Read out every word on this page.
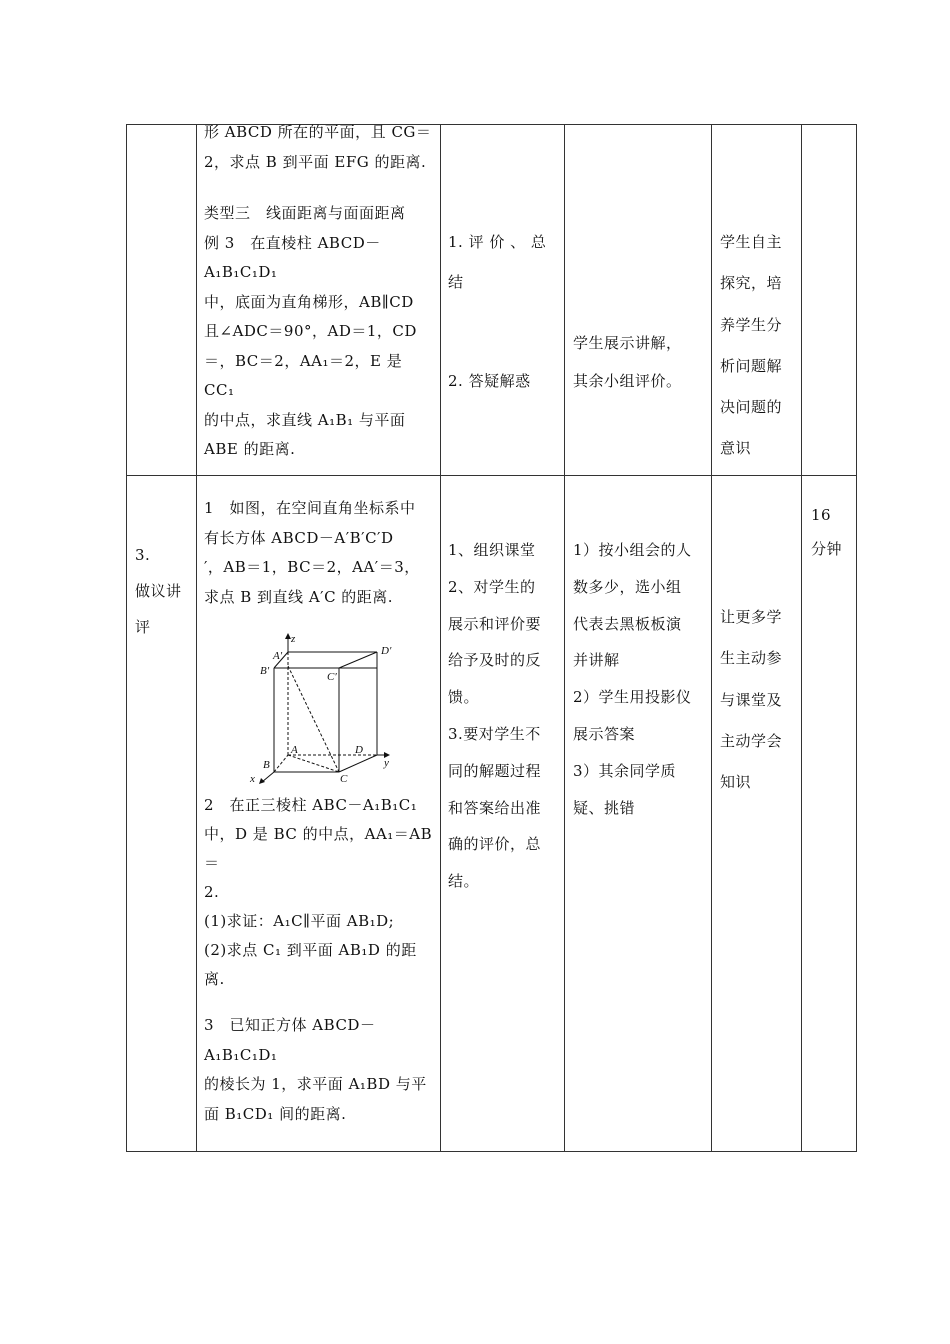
形 ABCD 所在的平面，且 CG＝

2，求点 B 到平面 EFG 的距离.

类型三　线面距离与面面距离

例 3　在直棱柱 ABCD－A₁B₁C₁D₁

中，底面为直角梯形，AB∥CD

且∠ADC＝90°，AD＝1，CD

＝，BC＝2，AA₁＝2，E 是 CC₁

的中点，求直线 A₁B₁ 与平面

ABE 的距离.

1. 评 价 、 总

结

2. 答疑解惑

学生展示讲解，

其余小组评价。

学生自主

探究，培

养学生分

析问题解

决问题的

意识

3.

做议讲

评

1　如图，在空间直角坐标系中

有长方体 ABCD－A′B′C′D

′，AB＝1，BC＝2，AA′＝3，

求点 B 到直线 A′C 的距离.

z
y
x
A′
B′	C′
D′
A
B
C
D

2　在正三棱柱 ABC－A₁B₁C₁

中，D 是 BC 的中点，AA₁＝AB＝

2.

(1)求证：A₁C∥平面 AB₁D;

(2)求点 C₁ 到平面 AB₁D 的距

离.

3　已知正方体 ABCD－A₁B₁C₁D₁

的棱长为 1，求平面 A₁BD 与平

面 B₁CD₁ 间的距离.

1、组织课堂

2、对学生的

展示和评价要

给予及时的反

馈。

3.要对学生不

同的解题过程

和答案给出准

确的评价，总

结。

1）按小组会的人

数多少，选小组

代表去黑板板演

并讲解

2）学生用投影仪

展示答案

3）其余同学质

疑、挑错

让更多学

生主动参

与课堂及

主动学会

知识

16

分钟
